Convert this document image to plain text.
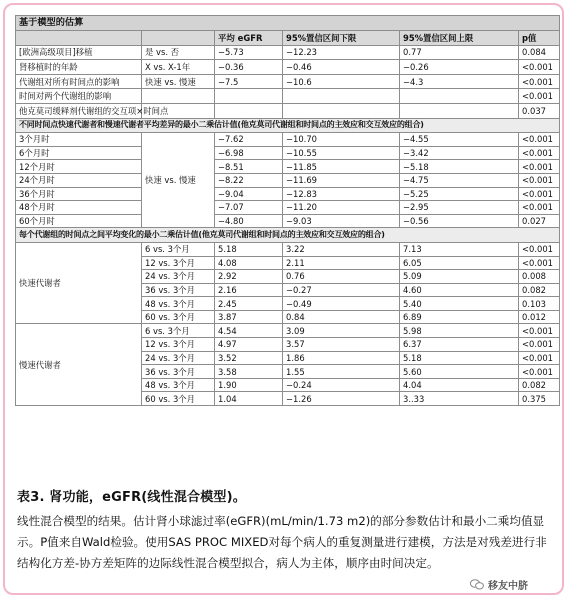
基于模型的估算					
		平均 eGFR	95%置信区间下限	95%置信区间上限	p值
[欧洲高级项目]移植	是 vs. 否	−5.73	−12.23	0.77	0.084
肾移植时的年龄	X vs. X-1年	−0.36	−0.46	−0.26	<0.001
代谢组对所有时间点的影响	快速 vs. 慢速	−7.5	−10.6	−4.3	<0.001
时间对两个代谢组的影响					<0.001
他克莫司缓释剂代谢组的交互项×时间点					0.037
不同时间点快速代谢者和慢速代谢者平均差异的最小二乘估计值(他克莫司代谢组和时间点的主效应和交互效应的组合)					
3个月时	快速 vs. 慢速	−7.62	−10.70	−4.55	<0.001
6个月时		−6.98	−10.55	−3.42	<0.001
12个月时		−8.51	−11.85	−5.18	<0.001
24个月时		−8.22	−11.69	−4.75	<0.001
36个月时		−9.04	−12.83	−5.25	<0.001
48个月时		−7.07	−11.20	−2.95	<0.001
60个月时		−4.80	−9.03	−0.56	0.027
每个代谢组的时间点之间平均变化的最小二乘估计值(他克莫司代谢组和时间点的主效应和交互效应的组合)					
快速代谢者	6 vs. 3个月	5.18	3.22	7.13	<0.001
	12 vs. 3个月	4.08	2.11	6.05	<0.001
	24 vs. 3个月	2.92	0.76	5.09	0.008
	36 vs. 3个月	2.16	−0.27	4.60	0.082
	48 vs. 3个月	2.45	−0.49	5.40	0.103
	60 vs. 3个月	3.87	0.84	6.89	0.012
慢速代谢者	6 vs. 3个月	4.54	3.09	5.98	<0.001
	12 vs. 3个月	4.97	3.57	6.37	<0.001
	24 vs. 3个月	3.52	1.86	5.18	<0.001
	36 vs. 3个月	3.58	1.55	5.60	<0.001
	48 vs. 3个月	1.90	−0.24	4.04	0.082
	60 vs. 3个月	1.04	−1.26	3..33	0.375

表3. 肾功能，eGFR(线性混合模型)。

线性混合模型的结果。估计肾小球滤过率(eGFR)(mL/min/1.73 m2)的部分参数估计和最小二乘均值显示。P值来自Wald检验。使用SAS PROC MIXED对每个病人的重复测量进行建模，方法是对残差进行非结构化方差-协方差矩阵的边际线性混合模型拟合，病人为主体，顺序由时间决定。

移友中脐
